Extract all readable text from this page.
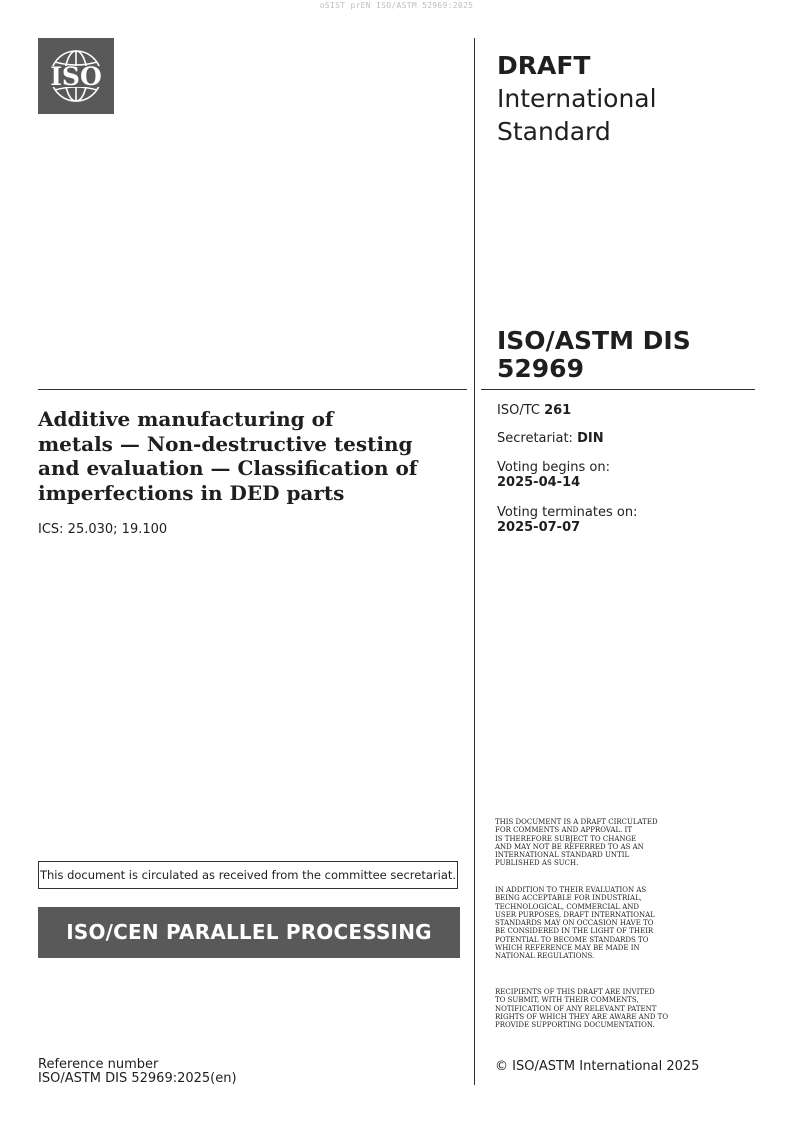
oSIST prEN ISO/ASTM 52969:2025
ISO	DRAFT
International
Standard
ISO/ASTM DIS
52969
Additive manufacturing of
metals — Non-destructive testing
and evaluation — Classification of
imperfections in DED parts
ICS: 25.030; 19.100
ISO/TC 261
Secretariat: DIN
Voting begins on:
2025-04-14
Voting terminates on:
2025-07-07
THIS DOCUMENT IS A DRAFT CIRCULATED
FOR COMMENTS AND APPROVAL. IT
IS THEREFORE SUBJECT TO CHANGE
AND MAY NOT BE REFERRED TO AS AN
INTERNATIONAL STANDARD UNTIL
PUBLISHED AS SUCH.
IN ADDITION TO THEIR EVALUATION AS
BEING ACCEPTABLE FOR INDUSTRIAL,
TECHNOLOGICAL, COMMERCIAL AND
USER PURPOSES, DRAFT INTERNATIONAL
STANDARDS MAY ON OCCASION HAVE TO
BE CONSIDERED IN THE LIGHT OF THEIR
POTENTIAL TO BECOME STANDARDS TO
WHICH REFERENCE MAY BE MADE IN
NATIONAL REGULATIONS.
RECIPIENTS OF THIS DRAFT ARE INVITED
TO SUBMIT, WITH THEIR COMMENTS,
NOTIFICATION OF ANY RELEVANT PATENT
RIGHTS OF WHICH THEY ARE AWARE AND TO
PROVIDE SUPPORTING DOCUMENTATION.
This document is circulated as received from the committee secretariat.
ISO/CEN PARALLEL PROCESSING
Reference number
ISO/ASTM DIS 52969:2025(en)
© ISO/ASTM International 2025
